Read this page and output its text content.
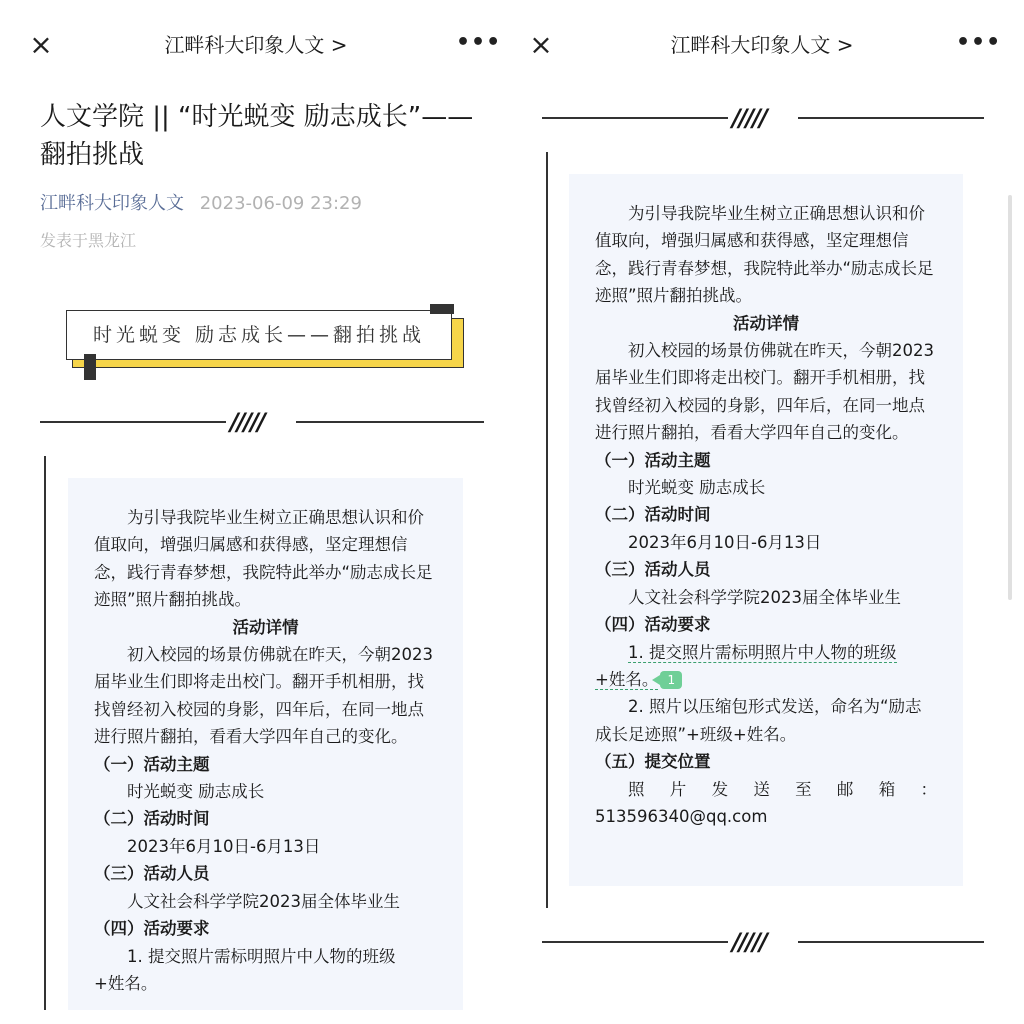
×	江畔科大印象人文 >	•••
人文学院 || “时光蜕变 励志成长”——翻拍挑战
江畔科大印象人文 2023-06-09 23:29
发表于黑龙江
时光蜕变 励志成长——翻拍挑战
/////

为引导我院毕业生树立正确思想认识和价值取向，增强归属感和获得感，坚定理想信念，践行青春梦想，我院特此举办“励志成长足迹照”照片翻拍挑战。

活动详情

初入校园的场景仿佛就在昨天，今朝2023届毕业生们即将走出校门。翻开手机相册，找找曾经初入校园的身影，四年后，在同一地点进行照片翻拍，看看大学四年自己的变化。

（一）活动主题

时光蜕变 励志成长

（二）活动时间

2023年6月10日-6月13日

（三）活动人员

人文社会科学学院2023届全体毕业生

（四）活动要求

1. 提交照片需标明照片中人物的班级

+姓名。

×	江畔科大印象人文 >	•••
/////

为引导我院毕业生树立正确思想认识和价值取向，增强归属感和获得感，坚定理想信念，践行青春梦想，我院特此举办“励志成长足迹照”照片翻拍挑战。

活动详情

初入校园的场景仿佛就在昨天，今朝2023届毕业生们即将走出校门。翻开手机相册，找找曾经初入校园的身影，四年后，在同一地点进行照片翻拍，看看大学四年自己的变化。

（一）活动主题

时光蜕变 励志成长

（二）活动时间

2023年6月10日-6月13日

（三）活动人员

人文社会科学学院2023届全体毕业生

（四）活动要求

1. 提交照片需标明照片中人物的班级

+姓名。 1

2. 照片以压缩包形式发送，命名为“励志成长足迹照”+班级+姓名。

（五）提交位置

照 片 发 送 至 邮 箱 ：

513596340@qq.com

/////
